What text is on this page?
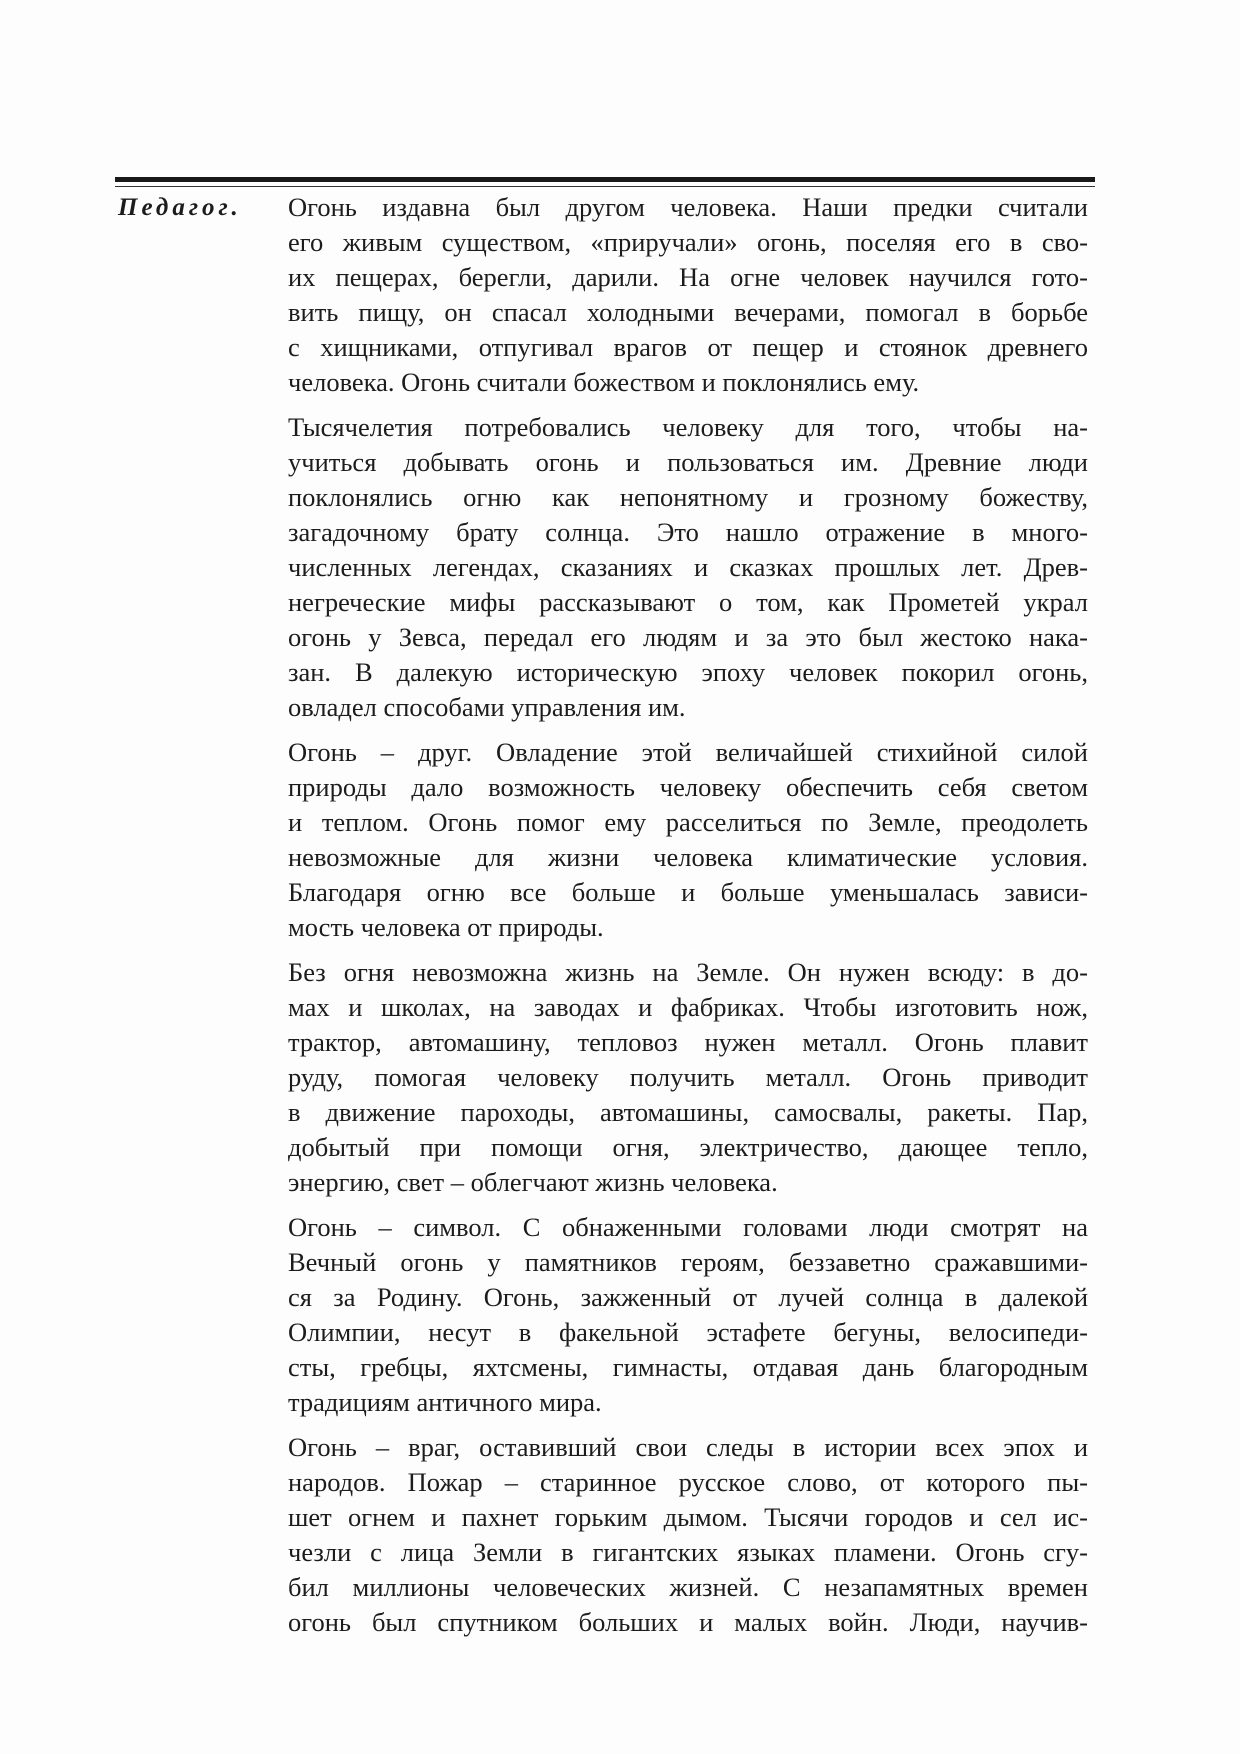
Педагог. Огонь издавна был другом человека. Наши предки считали
его живым существом, «приручали» огонь, поселяя его в сво-
их пещерах, берегли, дарили. На огне человек научился гото-
вить пищу, он спасал холодными вечерами, помогал в борьбе
с хищниками, отпугивал врагов от пещер и стоянок древнего
человека. Огонь считали божеством и поклонялись ему.

Тысячелетия потребовались человеку для того, чтобы на-
учиться добывать огонь и пользоваться им. Древние люди
поклонялись огню как непонятному и грозному божеству,
загадочному брату солнца. Это нашло отражение в много-
численных легендах, сказаниях и сказках прошлых лет. Древ-
негреческие мифы рассказывают о том, как Прометей украл
огонь у Зевса, передал его людям и за это был жестоко нака-
зан. В далекую историческую эпоху человек покорил огонь,
овладел способами управления им.

Огонь – друг. Овладение этой величайшей стихийной силой
природы дало возможность человеку обеспечить себя светом
и теплом. Огонь помог ему расселиться по Земле, преодолеть
невозможные для жизни человека климатические условия.
Благодаря огню все больше и больше уменьшалась зависи-
мость человека от природы.

Без огня невозможна жизнь на Земле. Он нужен всюду: в до-
мах и школах, на заводах и фабриках. Чтобы изготовить нож,
трактор, автомашину, тепловоз нужен металл. Огонь плавит
руду, помогая человеку получить металл. Огонь приводит
в движение пароходы, автомашины, самосвалы, ракеты. Пар,
добытый при помощи огня, электричество, дающее тепло,
энергию, свет – облегчают жизнь человека.

Огонь – символ. С обнаженными головами люди смотрят на
Вечный огонь у памятников героям, беззаветно сражавшими-
ся за Родину. Огонь, зажженный от лучей солнца в далекой
Олимпии, несут в факельной эстафете бегуны, велосипеди-
сты, гребцы, яхтсмены, гимнасты, отдавая дань благородным
традициям античного мира.

Огонь – враг, оставивший свои следы в истории всех эпох и
народов. Пожар – старинное русское слово, от которого пы-
шет огнем и пахнет горьким дымом. Тысячи городов и сел ис-
чезли с лица Земли в гигантских языках пламени. Огонь сгу-
бил миллионы человеческих жизней. С незапамятных времен
огонь был спутником больших и малых войн. Люди, научив-
